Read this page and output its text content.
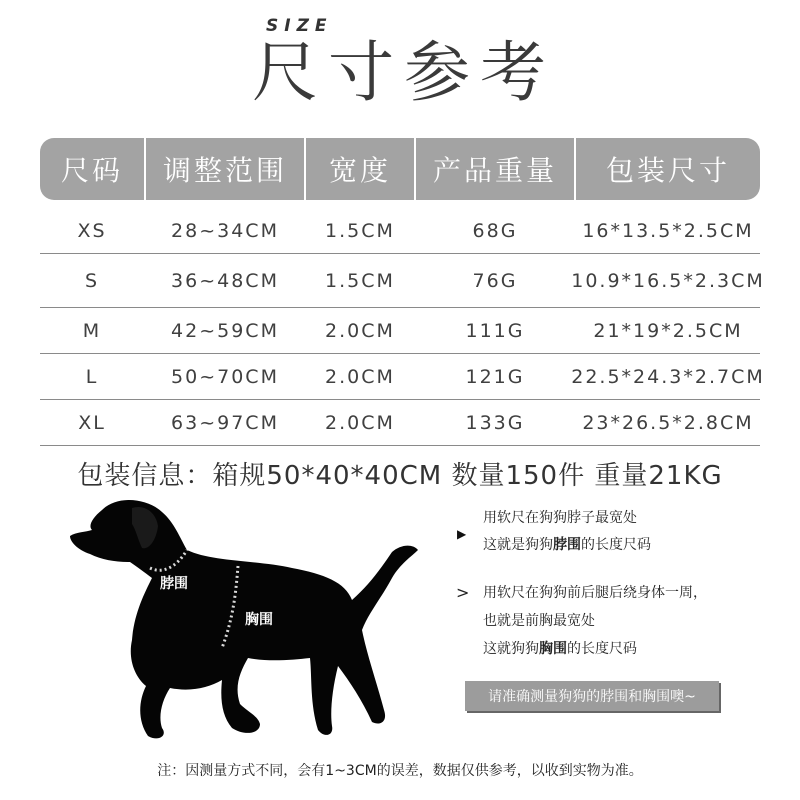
SIZE
尺寸参考
尺码	调整范围	宽度	产品重量	包装尺寸
XS	28~34CM	1.5CM	68G	16*13.5*2.5CM
S	36~48CM	1.5CM	76G	10.9*16.5*2.3CM
M	42~59CM	2.0CM	111G	21*19*2.5CM
L	50~70CM	2.0CM	121G	22.5*24.3*2.7CM
XL	63~97CM	2.0CM	133G	23*26.5*2.8CM
包装信息：箱规50*40*40CM 数量150件 重量21KG
脖围
胸围
▶
用软尺在狗狗脖子最宽处
这就是狗狗脖围的长度尺码
> 用软尺在狗狗前后腿后绕身体一周，
也就是前胸最宽处
这就狗狗胸围的长度尺码
请准确测量狗狗的脖围和胸围噢~
注：因测量方式不同，会有1~3CM的误差，数据仅供参考，以收到实物为准。
